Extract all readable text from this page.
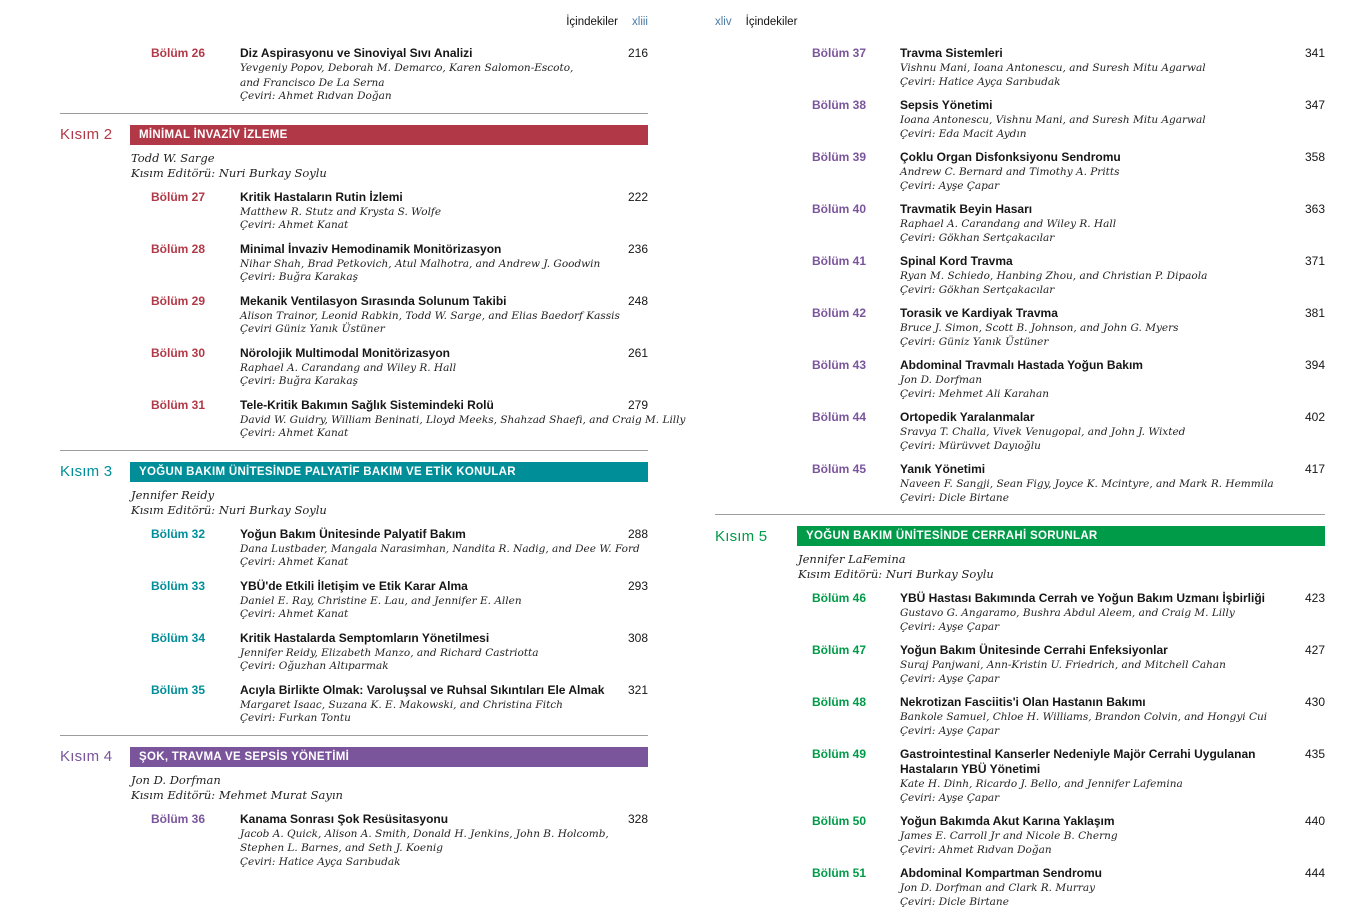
İçindekiler xliii
Bölüm 26	Diz Aspirasyonu ve Sinoviyal Sıvı Analizi	216
Yevgeniy Popov, Deborah M. Demarco, Karen Salomon-Escoto,
and Francisco De La Serna
Çeviri: Ahmet Rıdvan Doğan
Kısım 2	MİNİMAL İNVAZİV İZLEME
Todd W. Sarge
Kısım Editörü: Nuri Burkay Soylu
Bölüm 27	Kritik Hastaların Rutin İzlemi	222
Matthew R. Stutz and Krysta S. Wolfe
Çeviri: Ahmet Kanat
Bölüm 28	Minimal İnvaziv Hemodinamik Monitörizasyon	236
Nihar Shah, Brad Petkovich, Atul Malhotra, and Andrew J. Goodwin
Çeviri: Buğra Karakaş
Bölüm 29	Mekanik Ventilasyon Sırasında Solunum Takibi	248
Alison Trainor, Leonid Rabkin, Todd W. Sarge, and Elias Baedorf Kassis
Çeviri Güniz Yanık Üstüner
Bölüm 30	Nörolojik Multimodal Monitörizasyon	261
Raphael A. Carandang and Wiley R. Hall
Çeviri: Buğra Karakaş
Bölüm 31	Tele-Kritik Bakımın Sağlık Sistemindeki Rolü	279
David W. Guidry, William Beninati, Lloyd Meeks, Shahzad Shaefi, and Craig M. Lilly
Çeviri: Ahmet Kanat
Kısım 3	YOĞUN BAKIM ÜNİTESİNDE PALYATİF BAKIM VE ETİK KONULAR
Jennifer Reidy
Kısım Editörü: Nuri Burkay Soylu
Bölüm 32	Yoğun Bakım Ünitesinde Palyatif Bakım	288
Dana Lustbader, Mangala Narasimhan, Nandita R. Nadig, and Dee W. Ford
Çeviri: Ahmet Kanat
Bölüm 33	YBÜ'de Etkili İletişim ve Etik Karar Alma	293
Daniel E. Ray, Christine E. Lau, and Jennifer E. Allen
Çeviri: Ahmet Kanat
Bölüm 34	Kritik Hastalarda Semptomların Yönetilmesi	308
Jennifer Reidy, Elizabeth Manzo, and Richard Castriotta
Çeviri: Oğuzhan Altıparmak
Bölüm 35	Acıyla Birlikte Olmak: Varoluşsal ve Ruhsal Sıkıntıları Ele Almak	321
Margaret Isaac, Suzana K. E. Makowski, and Christina Fitch
Çeviri: Furkan Tontu
Kısım 4	ŞOK, TRAVMA VE SEPSİS YÖNETİMİ
Jon D. Dorfman
Kısım Editörü: Mehmet Murat Sayın
Bölüm 36	Kanama Sonrası Şok Resüsitasyonu	328
Jacob A. Quick, Alison A. Smith, Donald H. Jenkins, John B. Holcomb,
Stephen L. Barnes, and Seth J. Koenig
Çeviri: Hatice Ayça Sarıbudak
xliv İçindekiler
Bölüm 37	Travma Sistemleri	341
Vishnu Mani, Ioana Antonescu, and Suresh Mitu Agarwal
Çeviri: Hatice Ayça Sarıbudak
Bölüm 38	Sepsis Yönetimi	347
Ioana Antonescu, Vishnu Mani, and Suresh Mitu Agarwal
Çeviri: Eda Macit Aydın
Bölüm 39	Çoklu Organ Disfonksiyonu Sendromu	358
Andrew C. Bernard and Timothy A. Pritts
Çeviri: Ayşe Çapar
Bölüm 40	Travmatik Beyin Hasarı	363
Raphael A. Carandang and Wiley R. Hall
Çeviri: Gökhan Sertçakacılar
Bölüm 41	Spinal Kord Travma	371
Ryan M. Schiedo, Hanbing Zhou, and Christian P. Dipaola
Çeviri: Gökhan Sertçakacılar
Bölüm 42	Torasik ve Kardiyak Travma	381
Bruce J. Simon, Scott B. Johnson, and John G. Myers
Çeviri: Güniz Yanık Üstüner
Bölüm 43	Abdominal Travmalı Hastada Yoğun Bakım	394
Jon D. Dorfman
Çeviri: Mehmet Ali Karahan
Bölüm 44	Ortopedik Yaralanmalar	402
Sravya T. Challa, Vivek Venugopal, and John J. Wixted
Çeviri: Mürüvvet Dayıoğlu
Bölüm 45	Yanık Yönetimi	417
Naveen F. Sangji, Sean Figy, Joyce K. Mcintyre, and Mark R. Hemmila
Çeviri: Dicle Birtane
Kısım 5	YOĞUN BAKIM ÜNİTESİNDE CERRAHİ SORUNLAR
Jennifer LaFemina
Kısım Editörü: Nuri Burkay Soylu
Bölüm 46	YBÜ Hastası Bakımında Cerrah ve Yoğun Bakım Uzmanı İşbirliği	423
Gustavo G. Angaramo, Bushra Abdul Aleem, and Craig M. Lilly
Çeviri: Ayşe Çapar
Bölüm 47	Yoğun Bakım Ünitesinde Cerrahi Enfeksiyonlar	427
Suraj Panjwani, Ann-Kristin U. Friedrich, and Mitchell Cahan
Çeviri: Ayşe Çapar
Bölüm 48	Nekrotizan Fasciitis'i Olan Hastanın Bakımı	430
Bankole Samuel, Chloe H. Williams, Brandon Colvin, and Hongyi Cui
Çeviri: Ayşe Çapar
Bölüm 49	Gastrointestinal Kanserler Nedeniyle Majör Cerrahi Uygulanan Hastaların YBÜ Yönetimi
435
Kate H. Dinh, Ricardo J. Bello, and Jennifer Lafemina
Çeviri: Ayşe Çapar
Bölüm 50	Yoğun Bakımda Akut Karına Yaklaşım	440
James E. Carroll Jr and Nicole B. Cherng
Çeviri: Ahmet Rıdvan Doğan
Bölüm 51	Abdominal Kompartman Sendromu	444
Jon D. Dorfman and Clark R. Murray
Çeviri: Dicle Birtane
